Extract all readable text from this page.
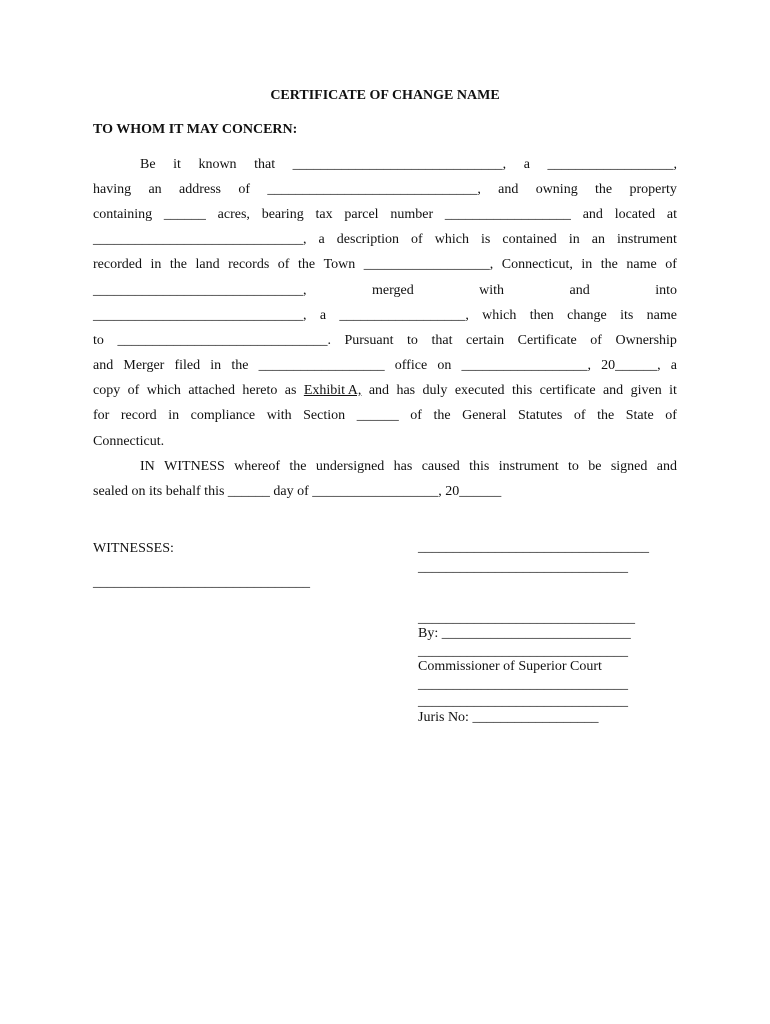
CERTIFICATE OF CHANGE NAME
TO WHOM IT MAY CONCERN:
Be it known that ______________________________, a __________________,
having an address of ______________________________, and owning the property
containing ______ acres, bearing tax parcel number __________________ and located at
______________________________, a description of which is contained in an instrument
recorded in the land records of the Town __________________, Connecticut, in the name of
______________________________,	merged	with	and	into
______________________________, a __________________, which then change its name
to ______________________________. Pursuant to that certain Certificate of Ownership
and Merger filed in the __________________ office on __________________, 20______, a
copy of which attached hereto as Exhibit A, and has duly executed this certificate and given it
for record in compliance with Section ______ of the General Statutes of the State of
Connecticut.
IN WITNESS whereof the undersigned has caused this instrument to be signed and
sealed on its behalf this ______ day of __________________, 20______
WITNESSES:
_______________________________
_________________________________
______________________________
_______________________________
By: ___________________________
______________________________
Commissioner of Superior Court
______________________________
______________________________
Juris No: __________________
